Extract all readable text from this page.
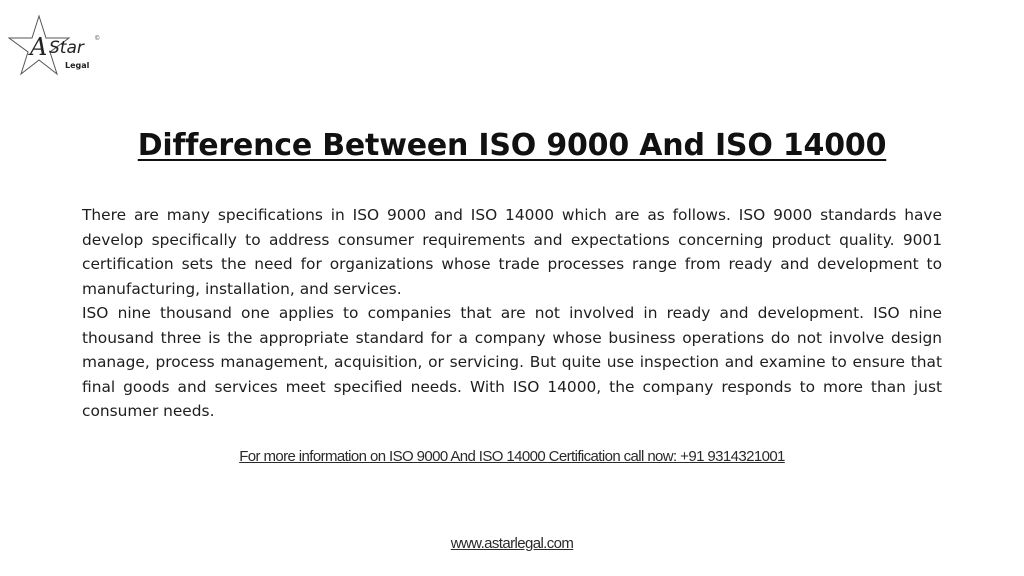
A Star
Legal
©
Difference Between ISO 9000 And ISO 14000

There are many specifications in ISO 9000 and ISO 14000 which are as follows. ISO 9000 standards have develop specifically to address consumer requirements and expectations concerning product quality. 9001 certification sets the need for organizations whose trade processes range from ready and development to manufacturing, installation, and services.

ISO nine thousand one applies to companies that are not involved in ready and development. ISO nine thousand three is the appropriate standard for a company whose business operations do not involve design manage, process management, acquisition, or servicing. But quite use inspection and examine to ensure that final goods and services meet specified needs. With ISO 14000, the company responds to more than just consumer needs.

For more information on ISO 9000 And ISO 14000 Certification call now: +91 9314321001
www.astarlegal.com
